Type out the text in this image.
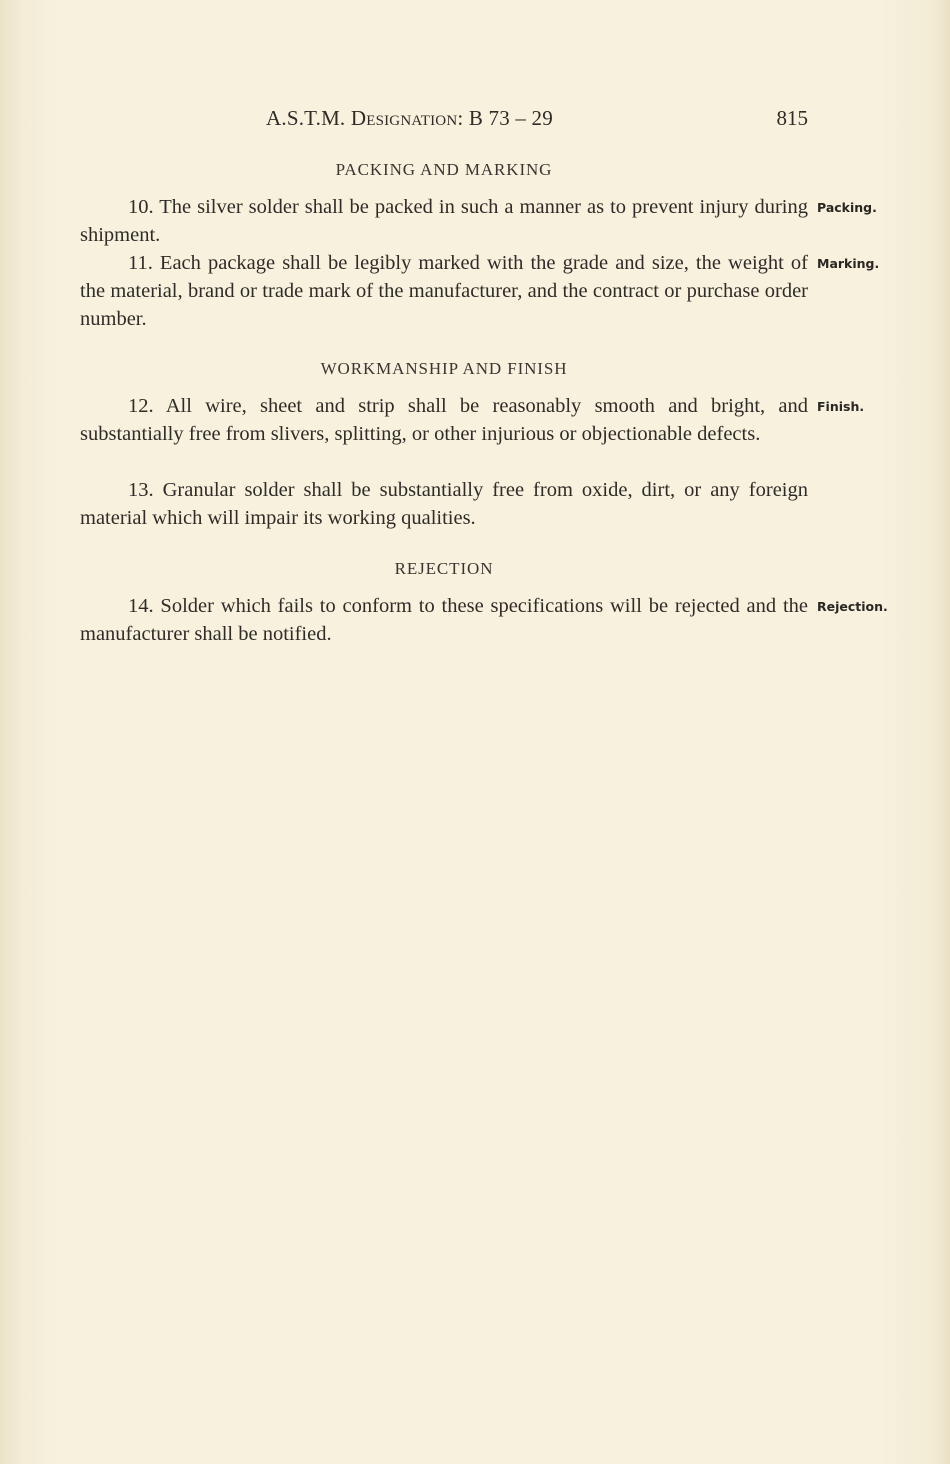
A.S.T.M. Designation: B 73 – 29	815
PACKING AND MARKING
10. The silver solder shall be packed in such a manner as to prevent injury during shipment.
Packing.
11. Each package shall be legibly marked with the grade and size, the weight of the material, brand or trade mark of the manufacturer, and the contract or purchase order number.
Marking.
WORKMANSHIP AND FINISH
12. All wire, sheet and strip shall be reasonably smooth and bright, and substantially free from slivers, splitting, or other injurious or objectionable defects.
Finish.
13. Granular solder shall be substantially free from oxide, dirt, or any foreign material which will impair its working qualities.
REJECTION
14. Solder which fails to conform to these specifications will be rejected and the manufacturer shall be notified.
Rejection.
